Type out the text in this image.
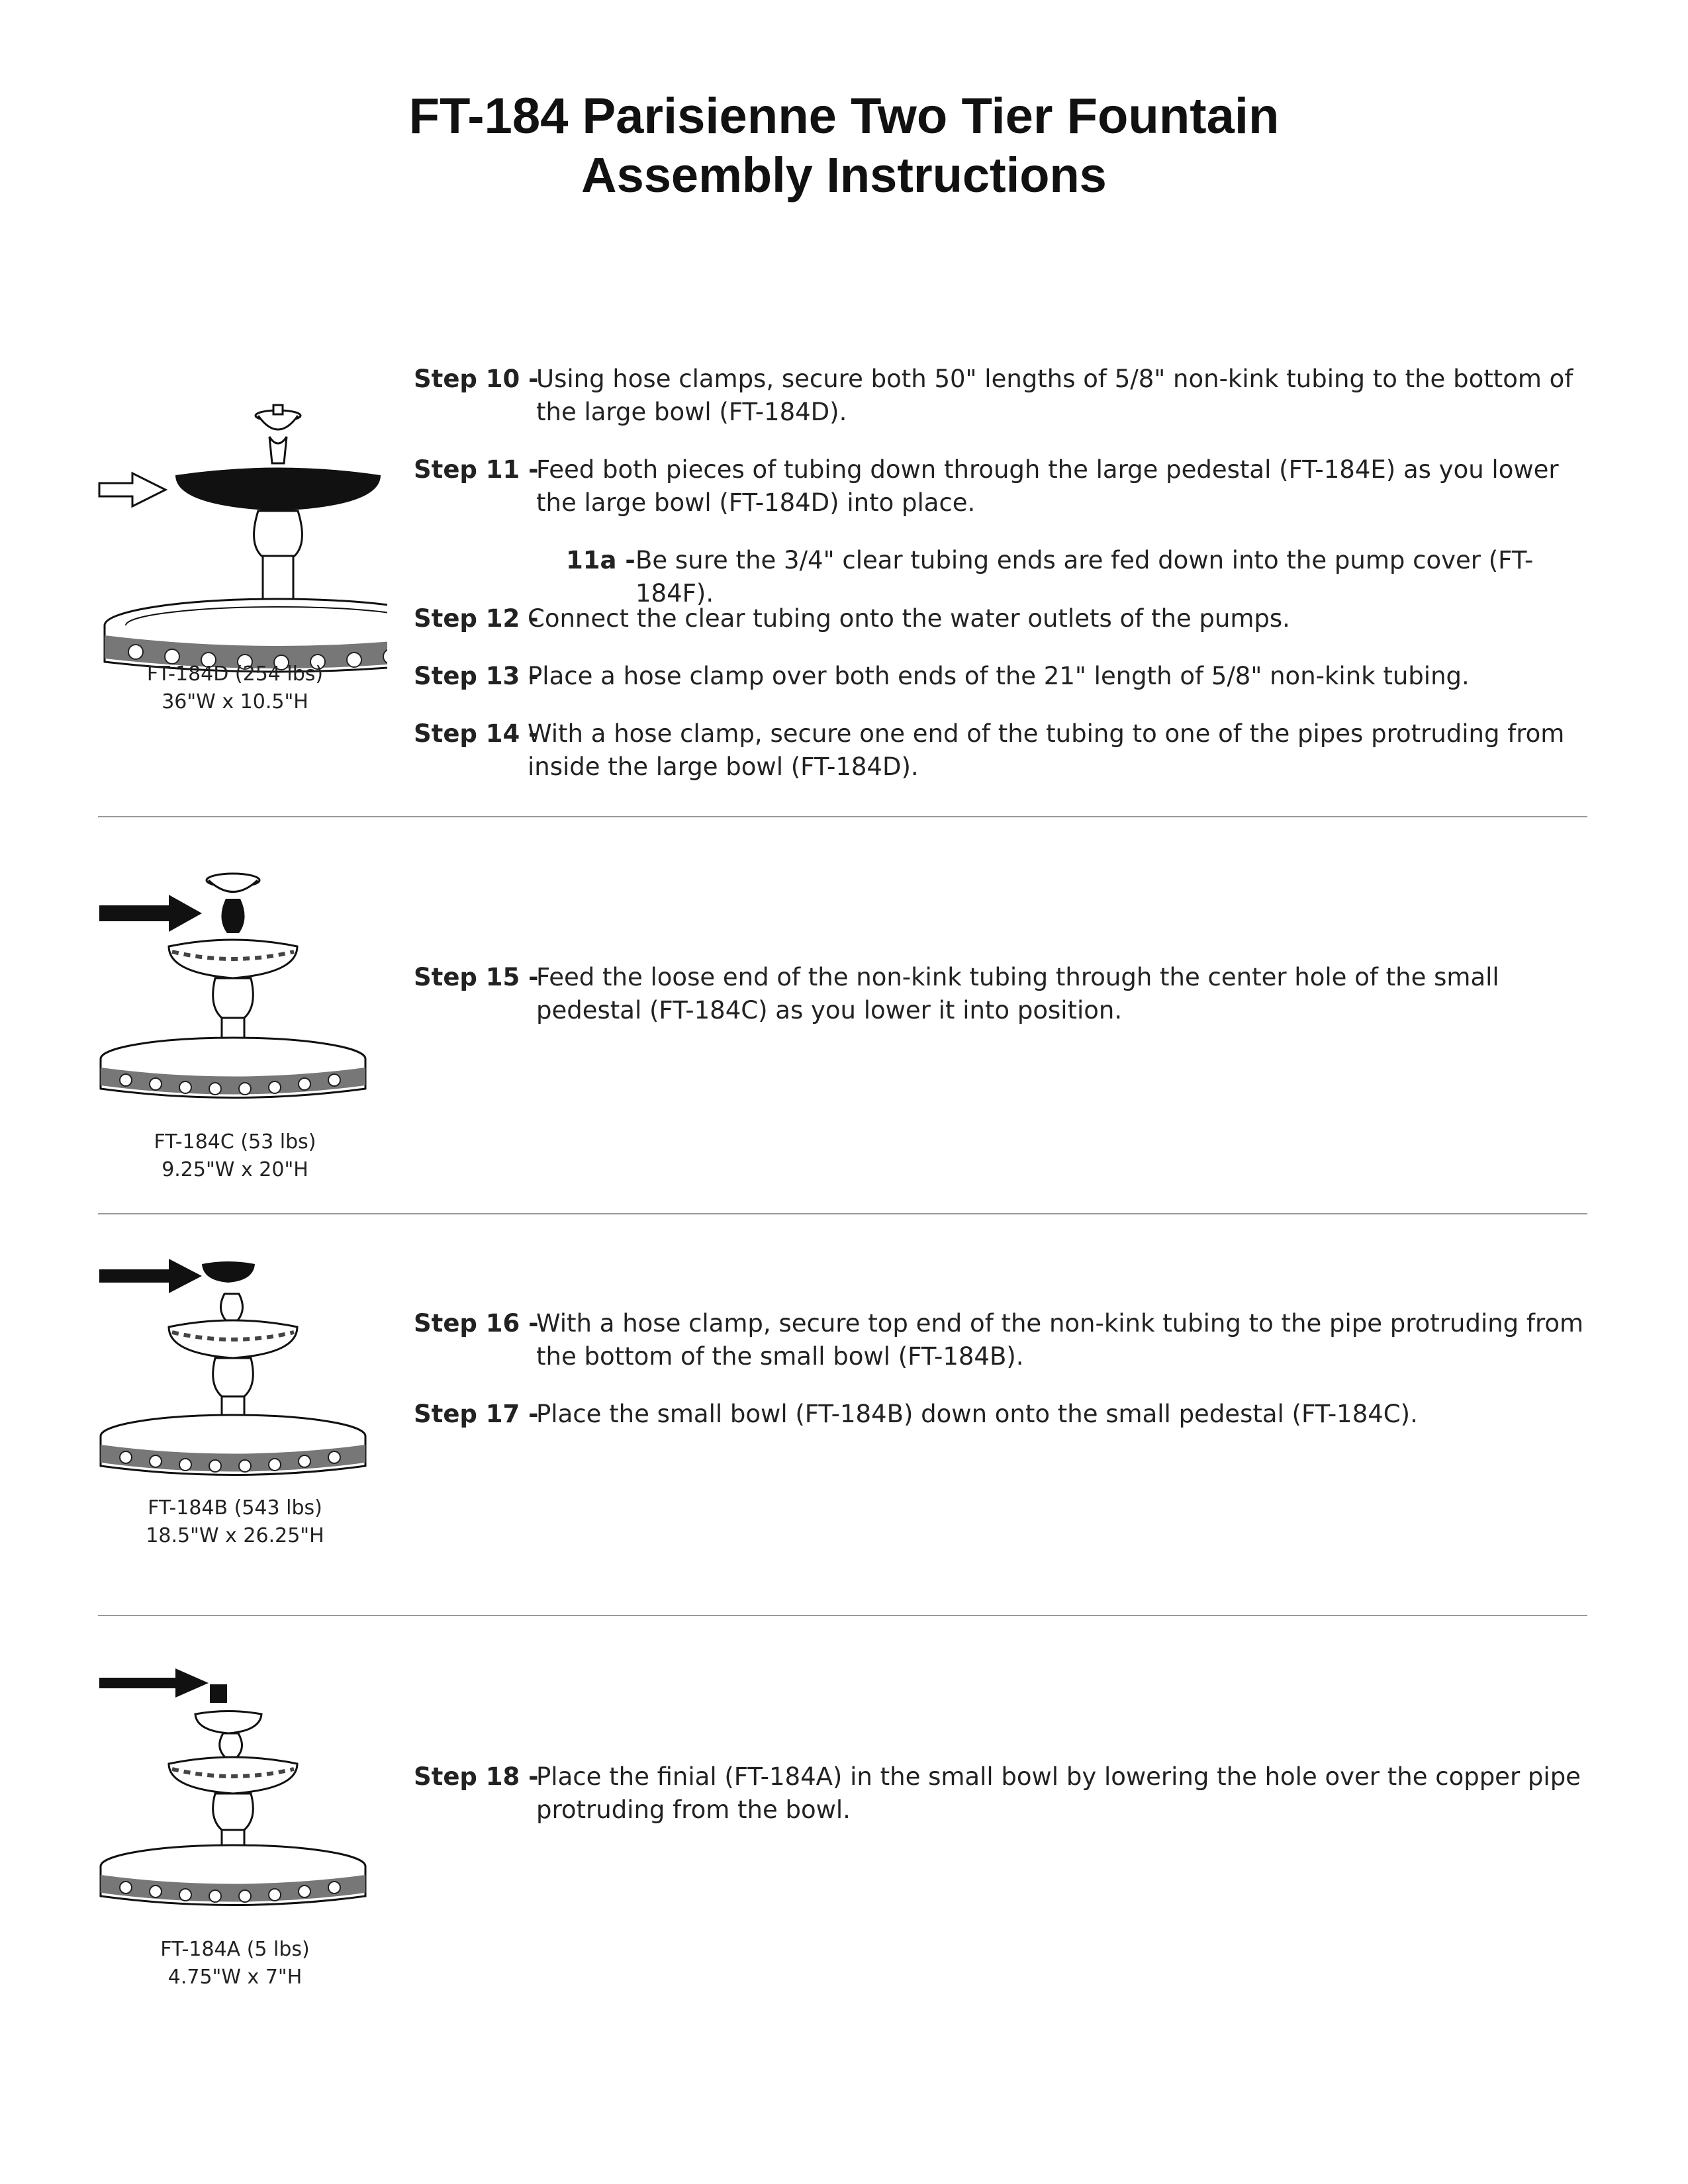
FT-184 Parisienne Two Tier Fountain
Assembly Instructions
FT-184D (254 lbs)
36"W x 10.5"H
Step 10 -
Using hose clamps, secure both 50" lengths of 5/8" non-kink tubing to the bottom of the large bowl (FT-184D).
Step 11 -
Feed both pieces of tubing down through the large pedestal (FT-184E) as you lower the large bowl (FT-184D) into place.
11a - Be sure the 3/4" clear tubing ends are fed down into the pump cover (FT-184F).
Step 12 -
Connect the clear tubing onto the water outlets of the pumps.
Step 13 -
Place a hose clamp over both ends of the 21" length of 5/8" non-kink tubing.
Step 14 -
With a hose clamp, secure one end of the tubing to one of the pipes protruding from inside the large bowl (FT-184D).
FT-184C (53 lbs)
9.25"W x 20"H
Step 15 -
Feed the loose end of the non-kink tubing through the center hole of the small pedestal (FT-184C) as you lower it into position.
FT-184B (543 lbs)
18.5"W x 26.25"H
Step 16 -
With a hose clamp, secure top end of the non-kink tubing to the pipe protruding from the bottom of the small bowl (FT-184B).
Step 17 -
Place the small bowl (FT-184B) down onto the small pedestal (FT-184C).
FT-184A (5 lbs)
4.75"W x 7"H
Step 18 -
Place the finial (FT-184A) in the small bowl by lowering the hole over the copper pipe protruding from the bowl.
